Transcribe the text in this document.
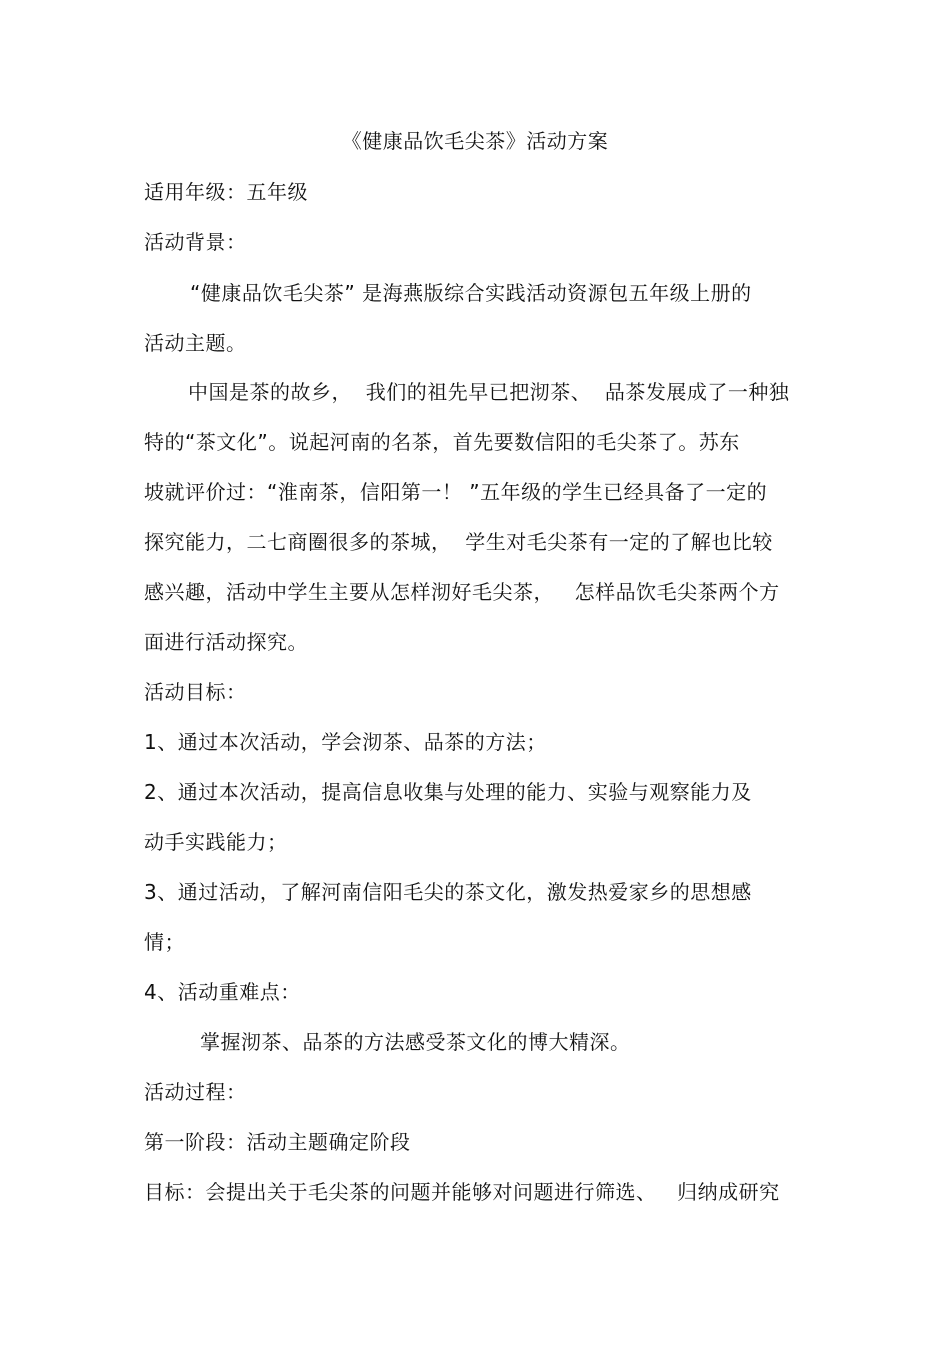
《健康品饮毛尖茶》活动方案
适用年级：五年级
活动背景：
“健康品饮毛尖茶” 是海燕版综合实践活动资源包五年级上册的
活动主题。
中国是茶的故乡，  我们的祖先早已把沏茶、  品茶发展成了一种独
特的“茶文化”。说起河南的名茶，首先要数信阳的毛尖茶了。苏东
坡就评价过：“淮南茶，信阳第一！ ”五年级的学生已经具备了一定的
探究能力，二七商圈很多的茶城，  学生对毛尖茶有一定的了解也比较
感兴趣，活动中学生主要从怎样沏好毛尖茶，   怎样品饮毛尖茶两个方
面进行活动探究。
活动目标：
1、通过本次活动，学会沏茶、品茶的方法；
2、通过本次活动，提高信息收集与处理的能力、实验与观察能力及
动手实践能力；
3、通过活动，了解河南信阳毛尖的茶文化，激发热爱家乡的思想感
情；
4、活动重难点：
掌握沏茶、品茶的方法感受茶文化的博大精深。
活动过程：
第一阶段：活动主题确定阶段
目标：会提出关于毛尖茶的问题并能够对问题进行筛选、   归纳成研究
